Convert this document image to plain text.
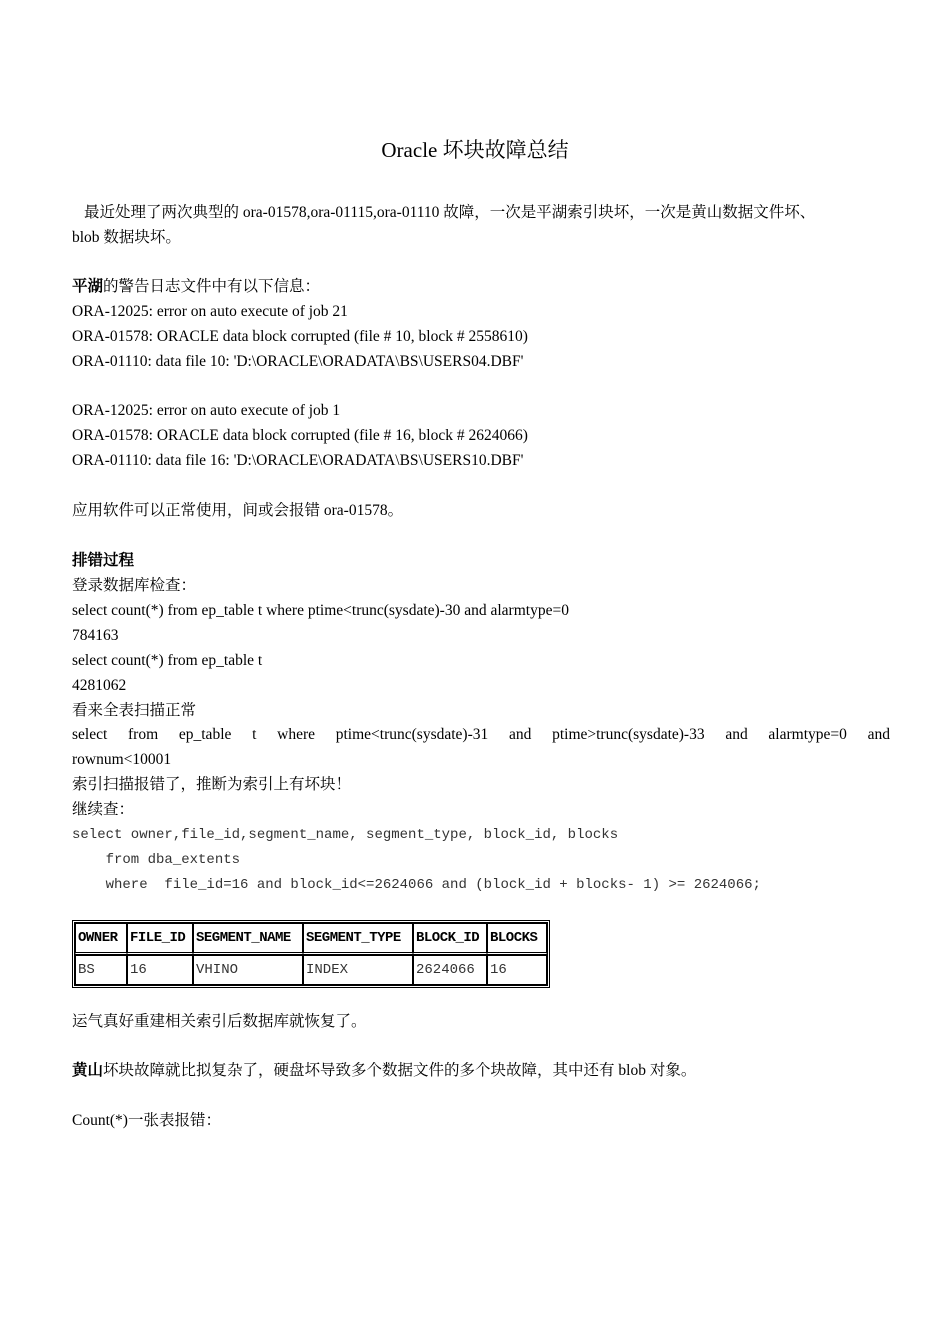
Oracle 坏块故障总结
最近处理了两次典型的 ora-01578,ora-01115,ora-01110 故障，一次是平湖索引块坏，一次是黄山数据文件坏、
blob 数据块坏。
平湖的警告日志文件中有以下信息：
ORA-12025: error on auto execute of job 21
ORA-01578: ORACLE data block corrupted (file # 10, block # 2558610)
ORA-01110: data file 10: 'D:\ORACLE\ORADATA\BS\USERS04.DBF'
ORA-12025: error on auto execute of job 1
ORA-01578: ORACLE data block corrupted (file # 16, block # 2624066)
ORA-01110: data file 16: 'D:\ORACLE\ORADATA\BS\USERS10.DBF'
应用软件可以正常使用，间或会报错 ora-01578。
排错过程
登录数据库检查：
select count(*) from ep_table t where ptime<trunc(sysdate)-30 and alarmtype=0
784163
select count(*) from ep_table t
4281062
看来全表扫描正常
select from ep_table t where ptime<trunc(sysdate)-31 and ptime>trunc(sysdate)-33 and alarmtype=0 and
rownum<10001
索引扫描报错了，推断为索引上有坏块！
继续查：
select owner,file_id,segment_name, segment_type, block_id, blocks
from dba_extents
where  file_id=16 and block_id<=2624066 and (block_id + blocks- 1) >= 2624066;
OWNER	FILE_ID	SEGMENT_NAME	SEGMENT_TYPE	BLOCK_ID	BLOCKS
BS	16	VHINO	INDEX	2624066	16
运气真好重建相关索引后数据库就恢复了。
黄山坏块故障就比拟复杂了，硬盘坏导致多个数据文件的多个块故障，其中还有 blob 对象。
Count(*)一张表报错：
